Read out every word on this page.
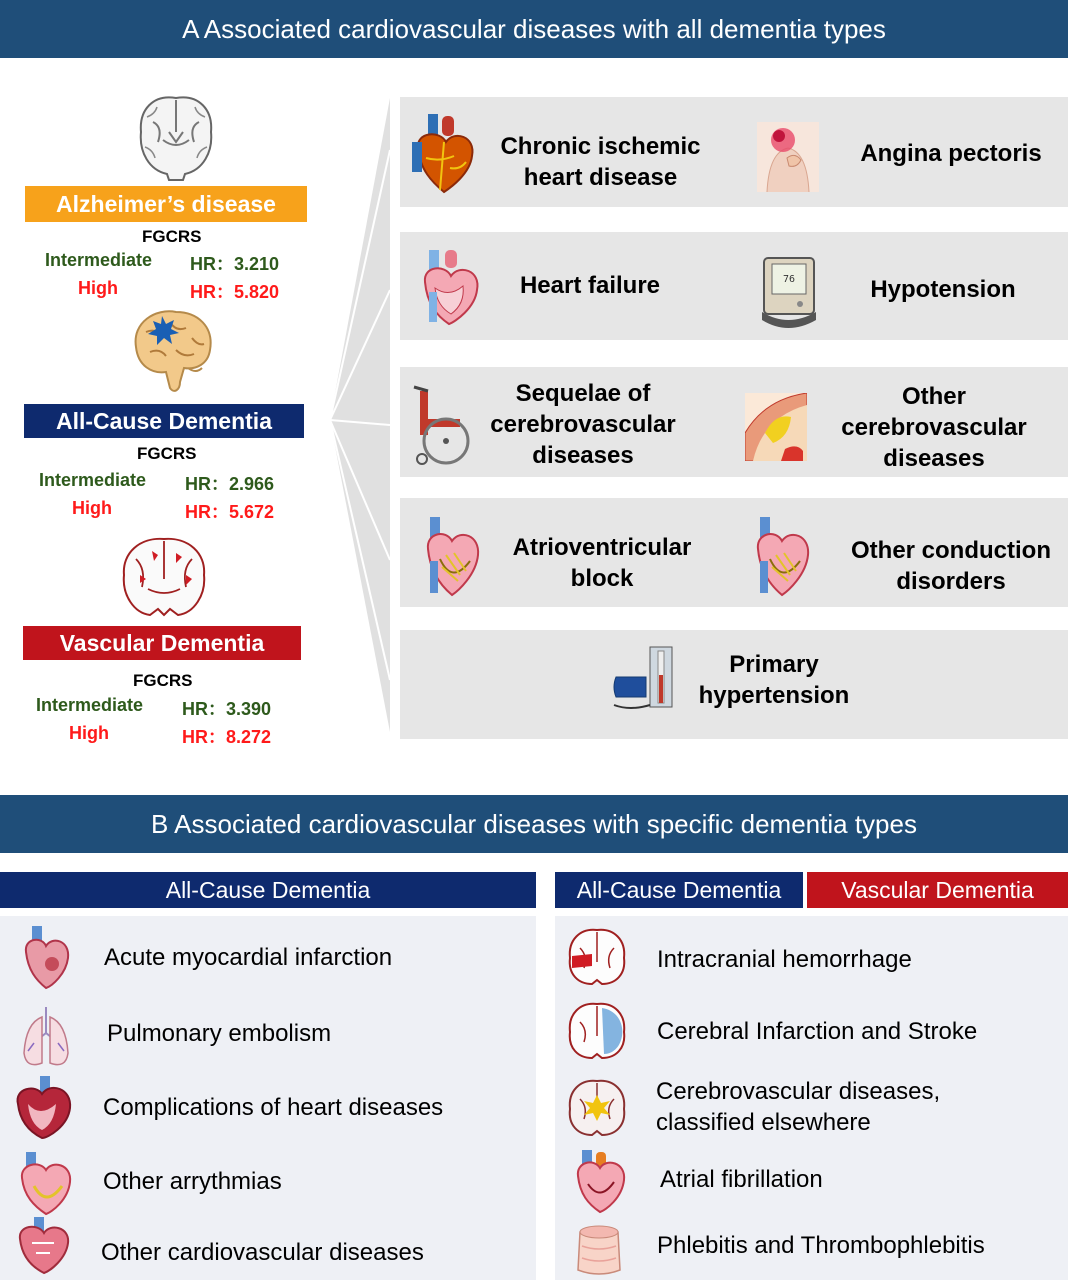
A Associated cardiovascular diseases with all dementia types
Alzheimer’s disease
FGCRS
Intermediate HR：3.210
High	HR：5.820
All-Cause Dementia
FGCRS
Intermediate HR：2.966
High	HR：5.672
Vascular Dementia
FGCRS
Intermediate HR：3.390
High	HR：8.272
Chronic ischemic heart disease
Angina pectoris
76
Heart failure	Hypotension
Sequelae of cerebrovascular diseases
Other cerebrovascular diseases
Atrioventricular block
Other conduction disorders
Primary hypertension
B Associated cardiovascular diseases with specific dementia types
All-Cause Dementia	All-Cause Dementia	Vascular Dementia
Acute myocardial infarction
Pulmonary embolism
Complications of heart diseases
Other arrythmias
Other cardiovascular diseases
Intracranial hemorrhage
Cerebral Infarction and Stroke
Cerebrovascular diseases, classified elsewhere
Atrial fibrillation
Phlebitis and Thrombophlebitis
